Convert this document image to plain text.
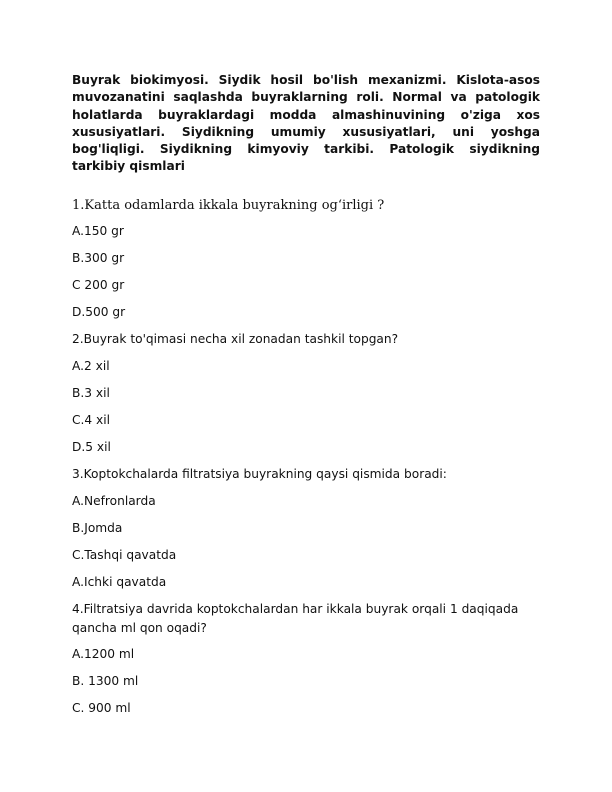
Buyrak biokimyosi. Siydik hosil bo'lish mexanizmi. Kislota-asos muvozanatini saqlashda buyraklarning roli. Normal va patologik holatlarda buyraklardagi modda almashinuvining o'ziga xos xususiyatlari. Siydikning umumiy xususiyatlari, uni yoshga bog'liqligi. Siydikning kimyoviy tarkibi. Patologik siydikning tarkibiy qismlari

1.Katta odamlarda ikkala buyrakning og‘irligi ?
A.150 gr
B.300 gr
C 200 gr
D.500 gr
2.Buyrak to'qimasi necha xil zonadan tashkil topgan?
A.2 xil
B.3 xil
C.4 xil
D.5 xil
3.Koptokchalarda filtratsiya buyrakning qaysi qismida boradi:
A.Nefronlarda
B.Jomda
C.Tashqi qavatda
A.Ichki qavatda
4.Filtratsiya davrida koptokchalardan har ikkala buyrak orqali 1 daqiqada qancha ml qon oqadi?
A.1200 ml
B. 1300 ml
C. 900 ml
